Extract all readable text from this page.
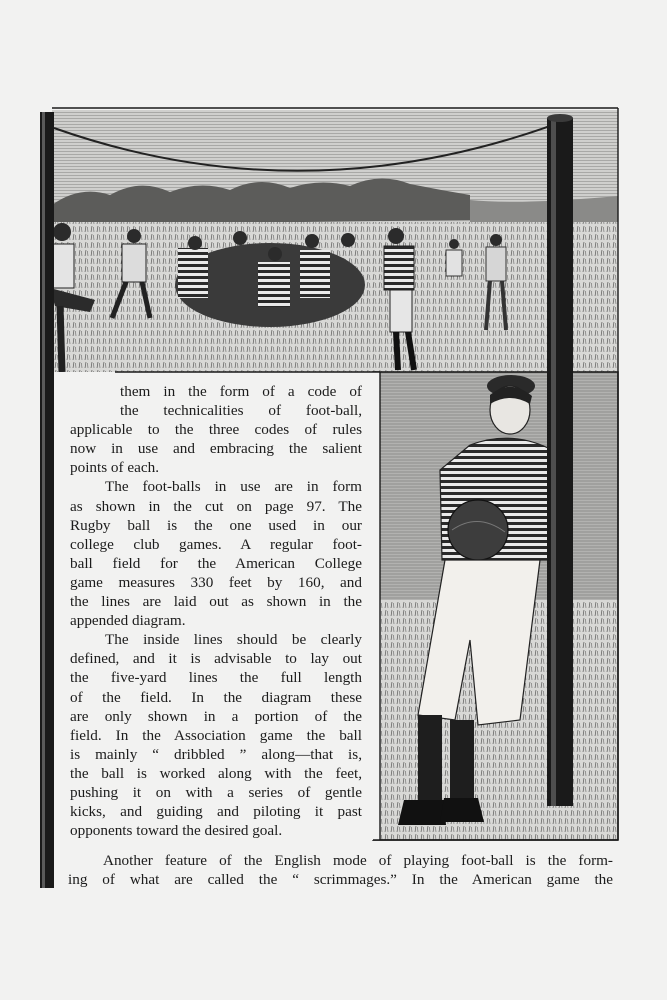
them in the form of a code of
the technicalities of foot-ball,
applicable to the three codes of rules
now in use and embracing the salient
points of each.
The foot-balls in use are in form
as shown in the cut on page 97. The
Rugby ball is the one used in our
college club games. A regular foot-
ball field for the American College
game measures 330 feet by 160, and
the lines are laid out as shown in the
appended diagram.
The inside lines should be clearly
defined, and it is advisable to lay out
the five-yard lines the full length
of the field. In the diagram these
are only shown in a portion of the
field. In the Association game the ball
is mainly “ dribbled ” along—that is,
the ball is worked along with the feet,
pushing it on with a series of gentle
kicks, and guiding and piloting it past
opponents toward the desired goal.
Another feature of the English mode of playing foot-ball is the form-
ing of what are called the “ scrimmages.” In the American game the
